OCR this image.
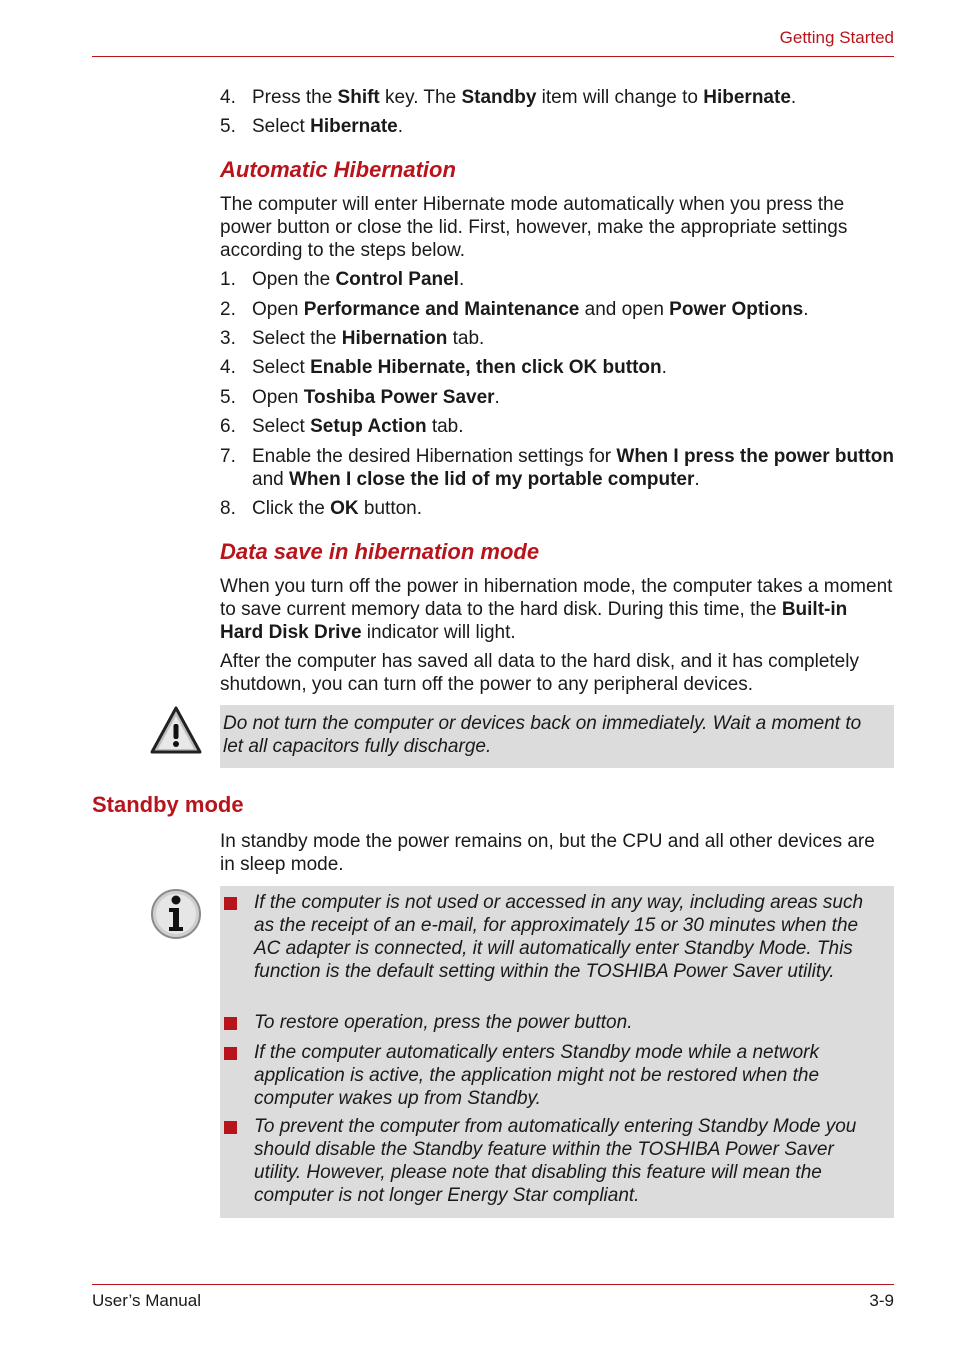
Getting Started
4. Press the Shift key. The Standby item will change to Hibernate.
5. Select Hibernate.
Automatic Hibernation
The computer will enter Hibernate mode automatically when you press the power button or close the lid. First, however, make the appropriate settings according to the steps below.
1. Open the Control Panel.
2. Open Performance and Maintenance and open Power Options.
3. Select the Hibernation tab.
4. Select Enable Hibernate, then click OK button.
5. Open Toshiba Power Saver.
6. Select Setup Action tab.
7. Enable the desired Hibernation settings for When I press the power button and When I close the lid of my portable computer.
8. Click the OK button.
Data save in hibernation mode
When you turn off the power in hibernation mode, the computer takes a moment to save current memory data to the hard disk. During this time, the Built-in Hard Disk Drive indicator will light.
After the computer has saved all data to the hard disk, and it has completely shutdown, you can turn off the power to any peripheral devices.
Do not turn the computer or devices back on immediately. Wait a moment to let all capacitors fully discharge.
Standby mode
In standby mode the power remains on, but the CPU and all other devices are in sleep mode.
If the computer is not used or accessed in any way, including areas such as the receipt of an e-mail, for approximately 15 or 30 minutes when the AC adapter is connected, it will automatically enter Standby Mode. This function is the default setting within the TOSHIBA Power Saver utility.
To restore operation, press the power button.
If the computer automatically enters Standby mode while a network application is active, the application might not be restored when the computer wakes up from Standby.
To prevent the computer from automatically entering Standby Mode you should disable the Standby feature within the TOSHIBA Power Saver utility. However, please note that disabling this feature will mean the computer is not longer Energy Star compliant.
User’s Manual	3-9
